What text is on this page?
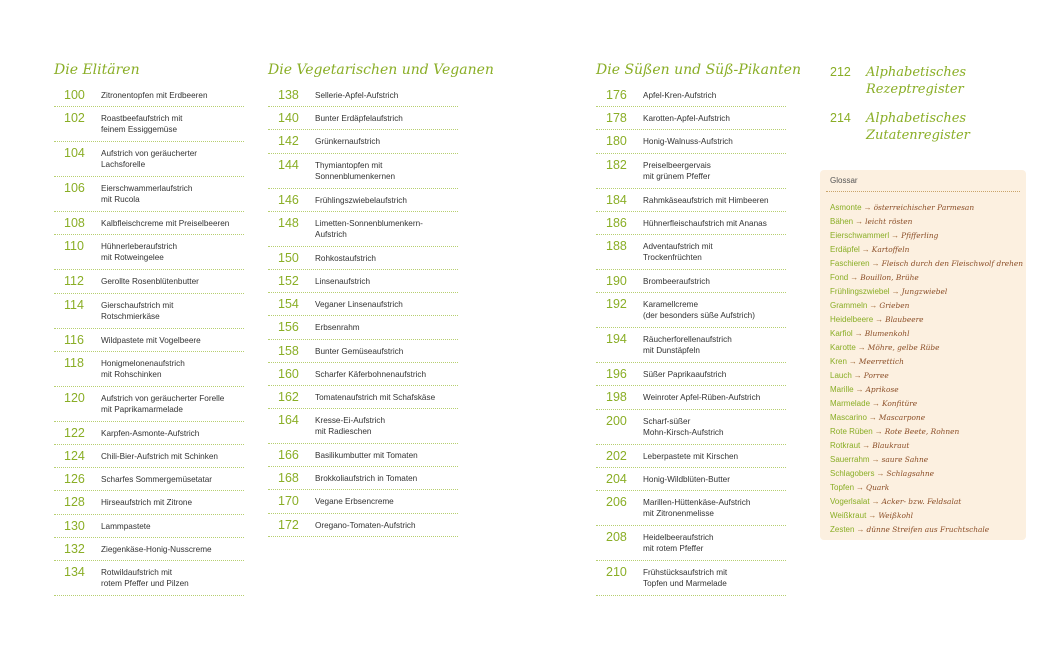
Die Elitären
100 Zitronentopfen mit Erdbeeren
102 Roastbeefaufstrich mit
feinem Essiggemüse
104 Aufstrich von geräucherter
Lachsforelle
106 Eierschwammerlaufstrich
mit Rucola
108 Kalbfleischcreme mit Preiselbeeren
110 Hühnerleberaufstrich
mit Rotweingelee
112 Gerollte Rosenblütenbutter
114 Gierschaufstrich mit
Rotschmierkäse
116 Wildpastete mit Vogelbeere
118 Honigmelonenaufstrich
mit Rohschinken
120 Aufstrich von geräucherter Forelle
mit Paprikamarmelade
122 Karpfen-Asmonte-Aufstrich
124 Chili-Bier-Aufstrich mit Schinken
126 Scharfes Sommergemüsetatar
128 Hirseaufstrich mit Zitrone
130 Lammpastete
132 Ziegenkäse-Honig-Nusscreme
134 Rotwildaufstrich mit
rotem Pfeffer und Pilzen
Die Vegetarischen und Veganen
138 Sellerie-Apfel-Aufstrich
140 Bunter Erdäpfelaufstrich
142 Grünkernaufstrich
144 Thymiantopfen mit
Sonnenblumenkernen
146 Frühlingszwiebelaufstrich
148 Limetten-Sonnenblumenkern-
Aufstrich
150 Rohkostaufstrich
152 Linsenaufstrich
154 Veganer Linsenaufstrich
156 Erbsenrahm
158 Bunter Gemüseaufstrich
160 Scharfer Käferbohnenaufstrich
162 Tomatenaufstrich mit Schafskäse
164 Kresse-Ei-Aufstrich
mit Radieschen
166 Basilikumbutter mit Tomaten
168 Brokkoliaufstrich in Tomaten
170 Vegane Erbsencreme
172 Oregano-Tomaten-Aufstrich
Die Süßen und Süß-Pikanten
176 Apfel-Kren-Aufstrich
178 Karotten-Apfel-Aufstrich
180 Honig-Walnuss-Aufstrich
182 Preiselbeergervais
mit grünem Pfeffer
184 Rahmkäseaufstrich mit Himbeeren
186 Hühnerfleischaufstrich mit Ananas
188 Adventaufstrich mit
Trockenfrüchten
190 Brombeeraufstrich
192 Karamellcreme
(der besonders süße Aufstrich)
194 Räucherforellenaufstrich
mit Dunstäpfeln
196 Süßer Paprikaaufstrich
198 Weinroter Apfel-Rüben-Aufstrich
200 Scharf-süßer
Mohn-Kirsch-Aufstrich
202 Leberpastete mit Kirschen
204 Honig-Wildblüten-Butter
206 Marillen-Hüttenkäse-Aufstrich
mit Zitronenmelisse
208 Heidelbeeraufstrich
mit rotem Pfeffer
210 Frühstücksaufstrich mit
Topfen und Marmelade
212 Alphabetisches
Rezeptregister
214 Alphabetisches
Zutatenregister
Glossar
Asmonte → österreichischer Parmesan
Bähen → leicht rösten
Eierschwammerl → Pfifferling
Erdäpfel → Kartoffeln
Faschieren → Fleisch durch den Fleischwolf drehen
Fond → Bouillon, Brühe
Frühlingszwiebel → Jungzwiebel
Grammeln → Grieben
Heidelbeere → Blaubeere
Karfiol → Blumenkohl
Karotte → Möhre, gelbe Rübe
Kren → Meerrettich
Lauch → Porree
Marille → Aprikose
Marmelade → Konfitüre
Mascarino → Mascarpone
Rote Rüben → Rote Beete, Rohnen
Rotkraut → Blaukraut
Sauerrahm → saure Sahne
Schlagobers → Schlagsahne
Topfen → Quark
Vogerlsalat → Acker- bzw. Feldsalat
Weißkraut → Weißkohl
Zesten → dünne Streifen aus Fruchtschale
